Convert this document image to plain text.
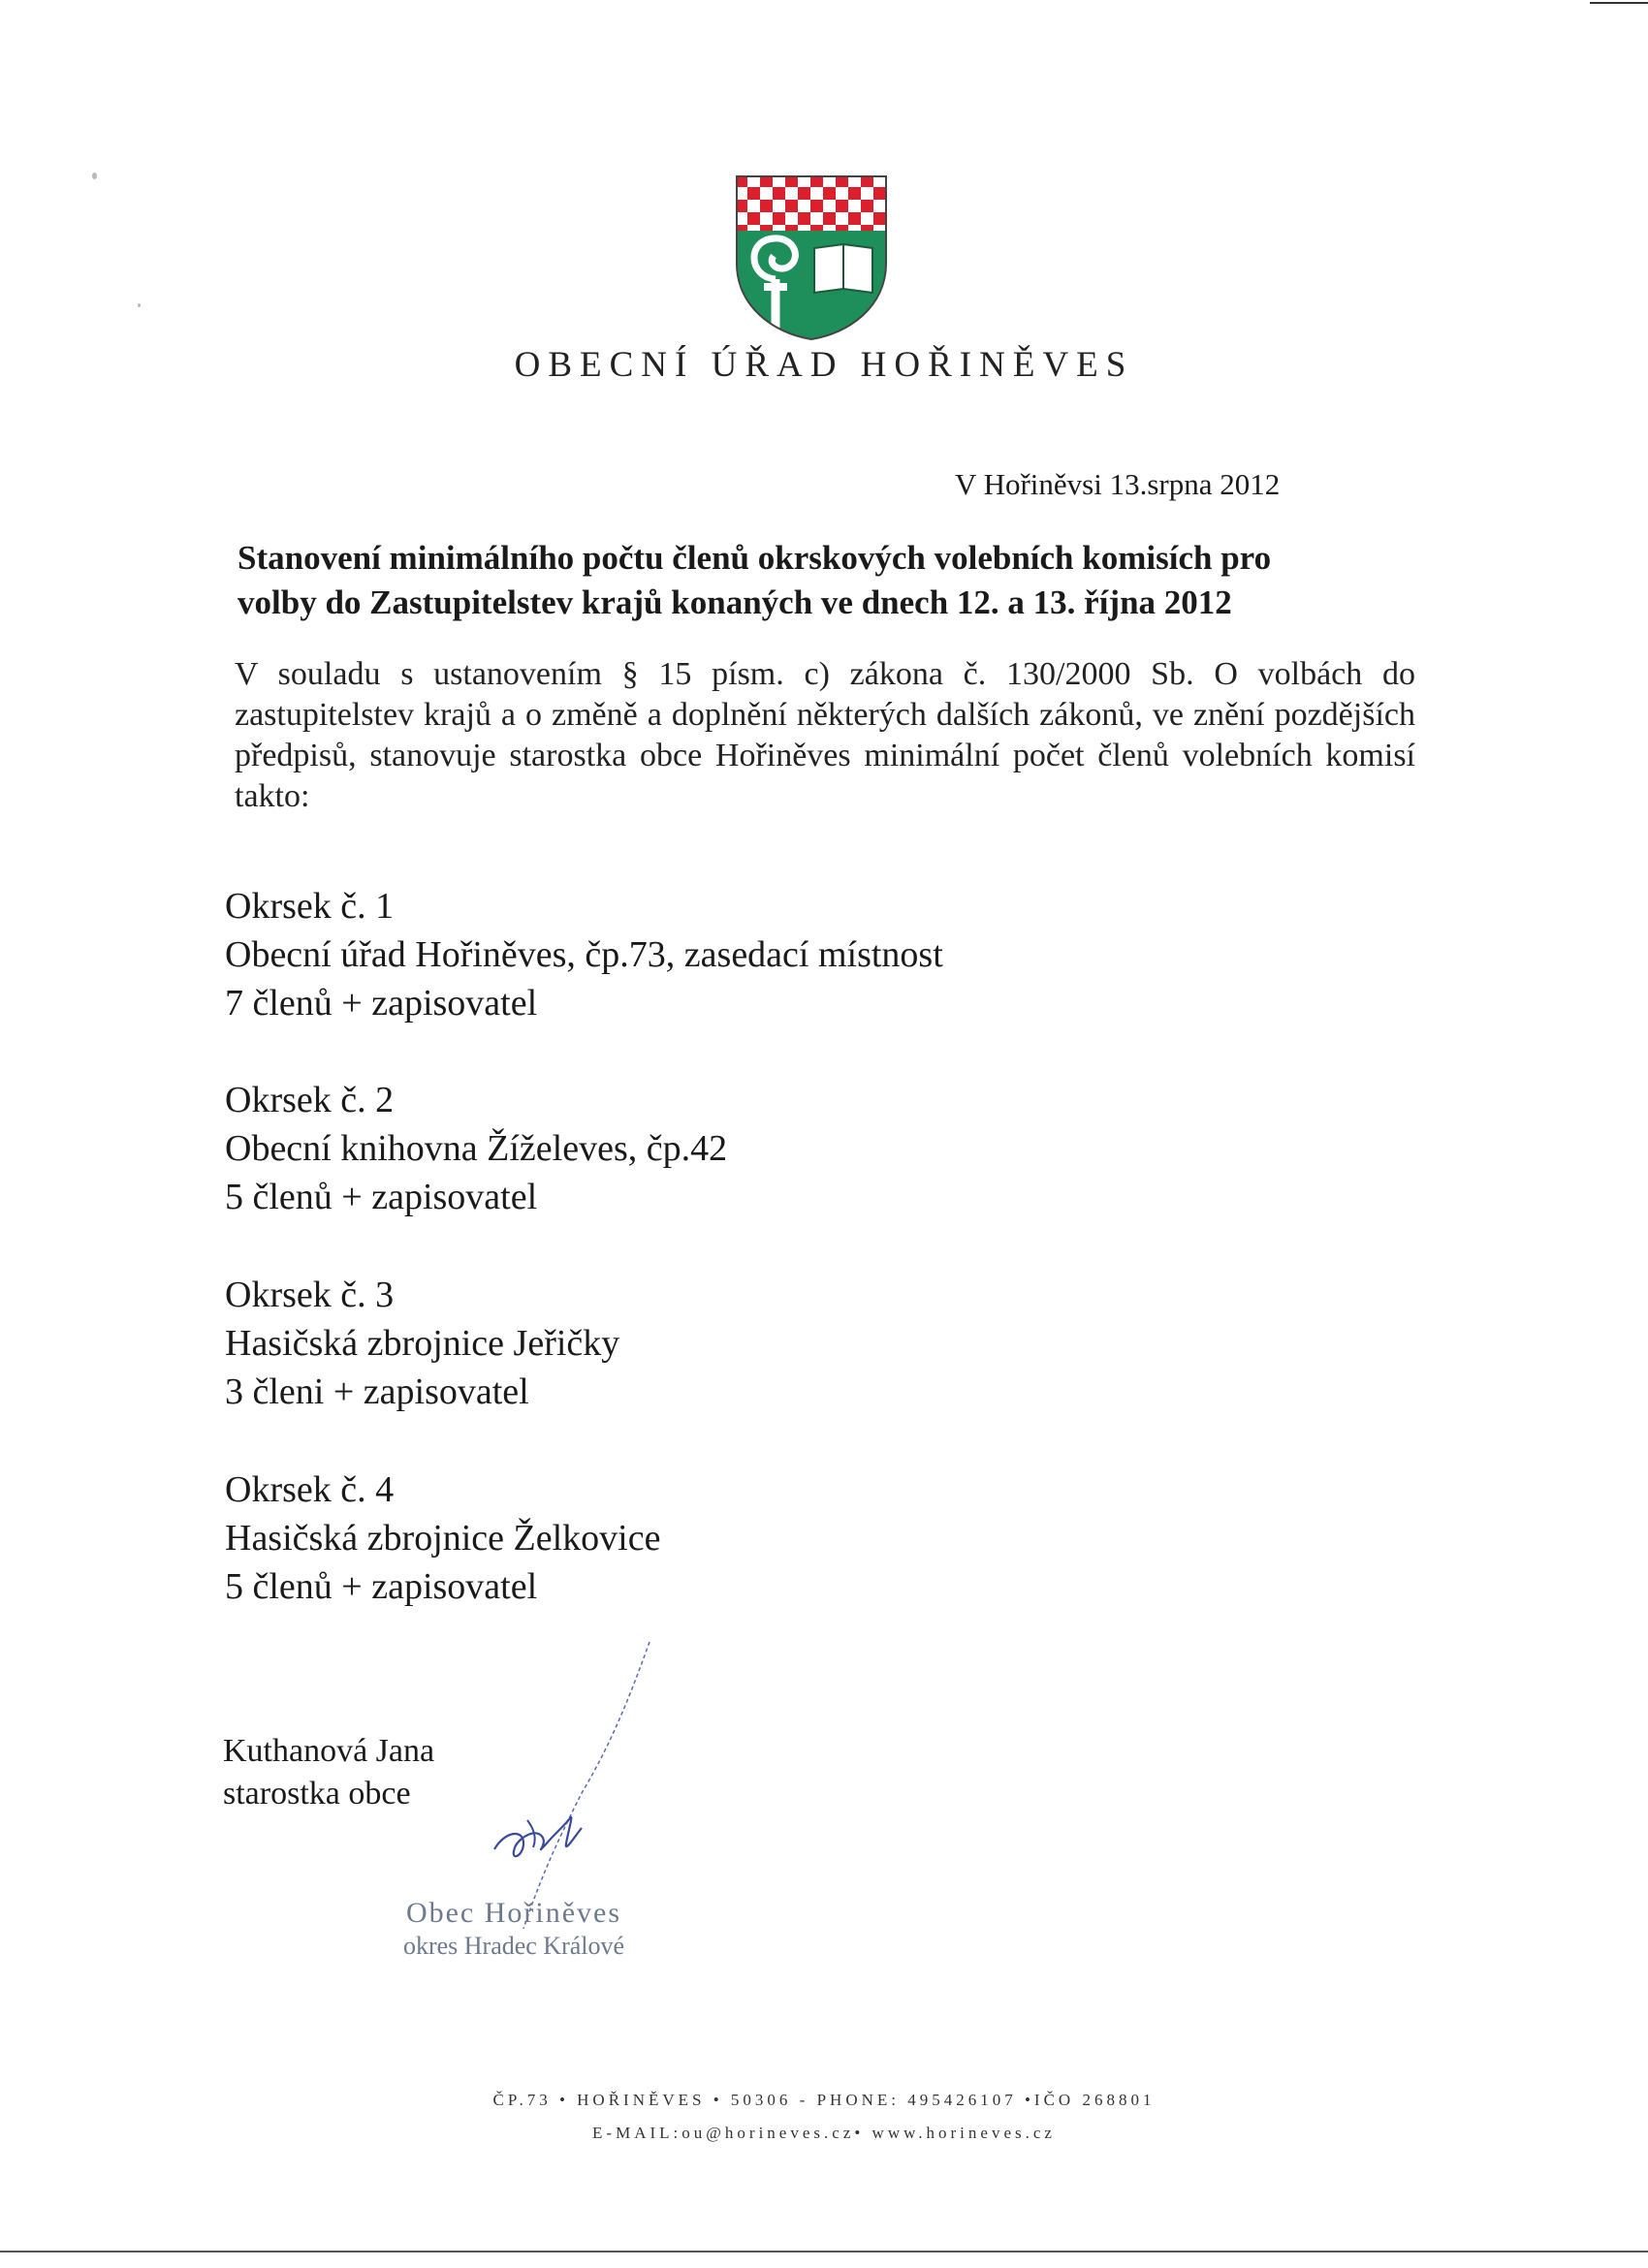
OBECNÍ ÚŘAD HOŘINĚVES
V Hořiněvsi 13.srpna 2012
Stanovení minimálního počtu členů okrskových volebních komisích pro
volby do Zastupitelstev krajů konaných ve dnech 12. a 13. října 2012
V souladu s ustanovením § 15 písm. c) zákona č. 130/2000 Sb. O volbách do zastupitelstev krajů a o změně a doplnění některých dalších zákonů, ve znění pozdějších předpisů, stanovuje starostka obce Hořiněves minimální počet členů volebních komisí takto:
Okrsek č. 1
Obecní úřad Hořiněves, čp.73, zasedací místnost
7 členů + zapisovatel
Okrsek č. 2
Obecní knihovna Žíželeves, čp.42
5 členů + zapisovatel
Okrsek č. 3
Hasičská zbrojnice Jeřičky
3 členi + zapisovatel
Okrsek č. 4
Hasičská zbrojnice Želkovice
5 členů + zapisovatel
Kuthanová Jana
starostka obce
Obec Hořiněves
okres Hradec Králové
ČP.73 • HOŘINĚVES • 50306 - PHONE: 495426107 •IČO 268801
E-MAIL:ou@horineves.cz• www.horineves.cz
